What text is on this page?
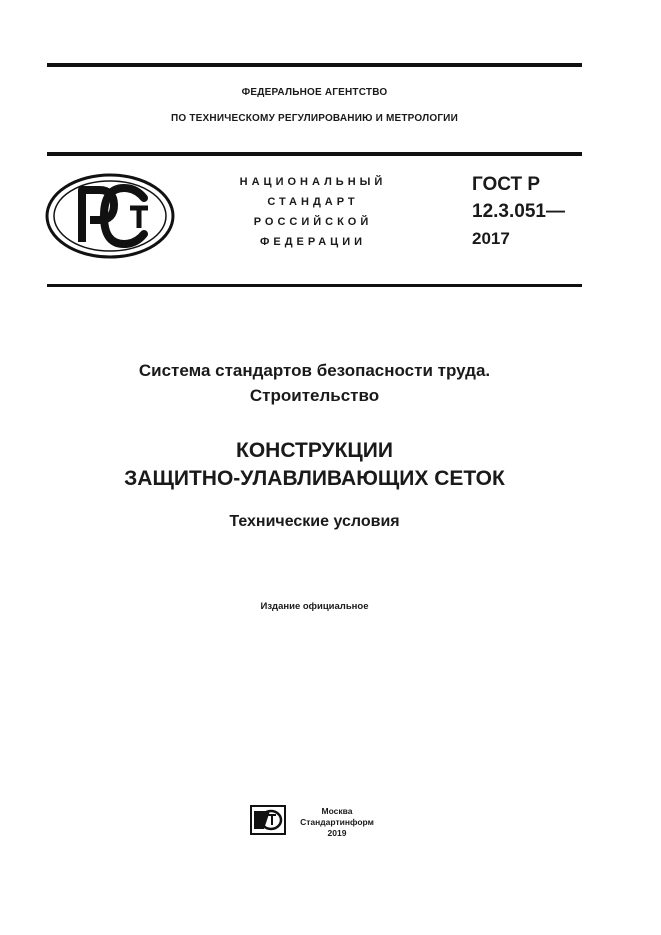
ФЕДЕРАЛЬНОЕ АГЕНТСТВО
ПО ТЕХНИЧЕСКОМУ РЕГУЛИРОВАНИЮ И МЕТРОЛОГИИ
НАЦИОНАЛЬНЫЙ
СТАНДАРТ
РОССИЙСКОЙ
ФЕДЕРАЦИИ
ГОСТ Р
12.3.051—
2017
Система стандартов безопасности труда.
Строительство
КОНСТРУКЦИИ
ЗАЩИТНО-УЛАВЛИВАЮЩИХ СЕТОК
Технические условия
Издание официальное
Москва
Стандартинформ
2019
